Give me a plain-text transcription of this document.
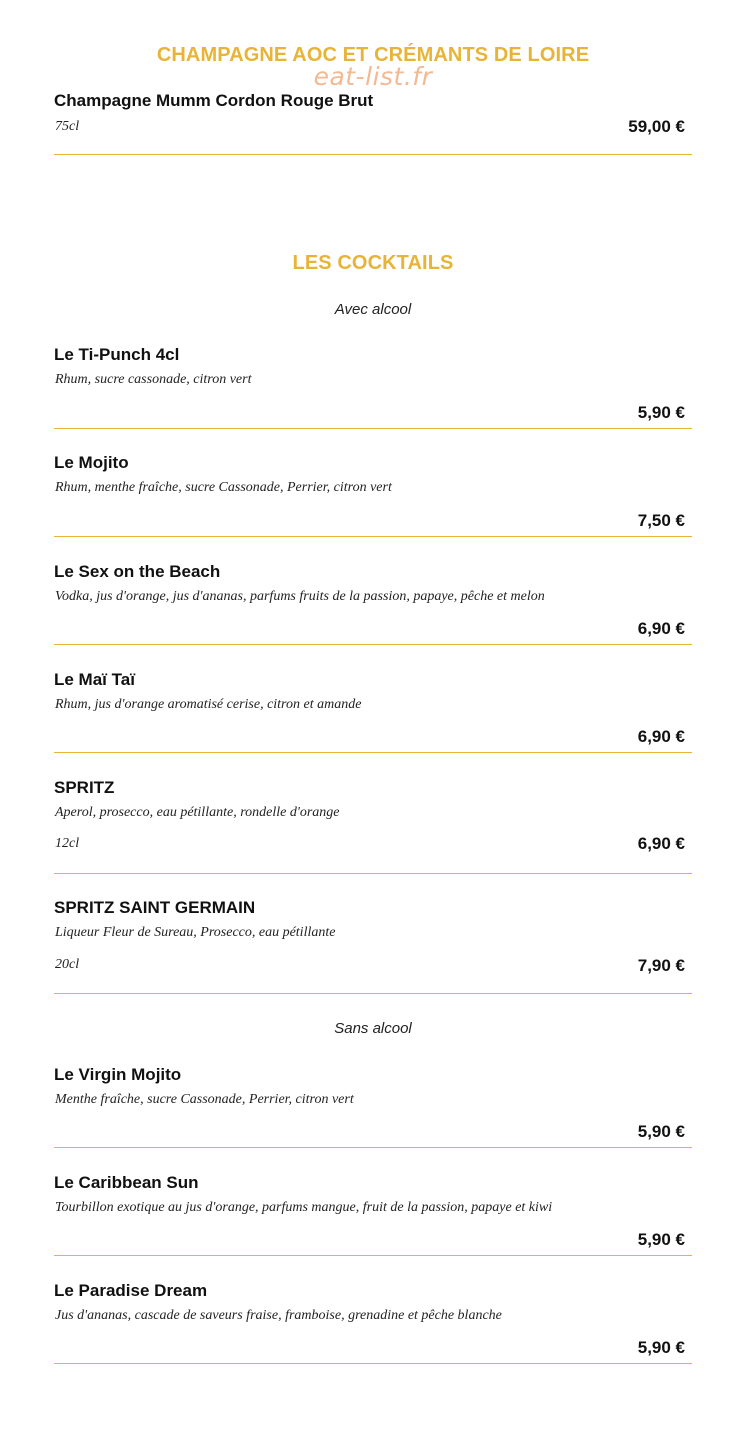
CHAMPAGNE AOC ET CRÉMANTS DE LOIRE
eat-list.fr
Champagne Mumm Cordon Rouge Brut
75cl	59,00 €
LES COCKTAILS
Avec alcool
Le Ti-Punch 4cl
Rhum, sucre cassonade, citron vert
5,90 €
Le Mojito
Rhum, menthe fraîche, sucre Cassonade, Perrier, citron vert
7,50 €
Le Sex on the Beach
Vodka, jus d'orange, jus d'ananas, parfums fruits de la passion, papaye, pêche et melon
6,90 €
Le Maï Taï
Rhum, jus d'orange aromatisé cerise, citron et amande
6,90 €
SPRITZ
Aperol, prosecco, eau pétillante, rondelle d'orange
12cl	6,90 €
SPRITZ SAINT GERMAIN
Liqueur Fleur de Sureau, Prosecco, eau pétillante
20cl	7,90 €
Sans alcool
Le Virgin Mojito
Menthe fraîche, sucre Cassonade, Perrier, citron vert
5,90 €
Le Caribbean Sun
Tourbillon exotique au jus d'orange, parfums mangue, fruit de la passion, papaye et kiwi
5,90 €
Le Paradise Dream
Jus d'ananas, cascade de saveurs fraise, framboise, grenadine et pêche blanche
5,90 €
